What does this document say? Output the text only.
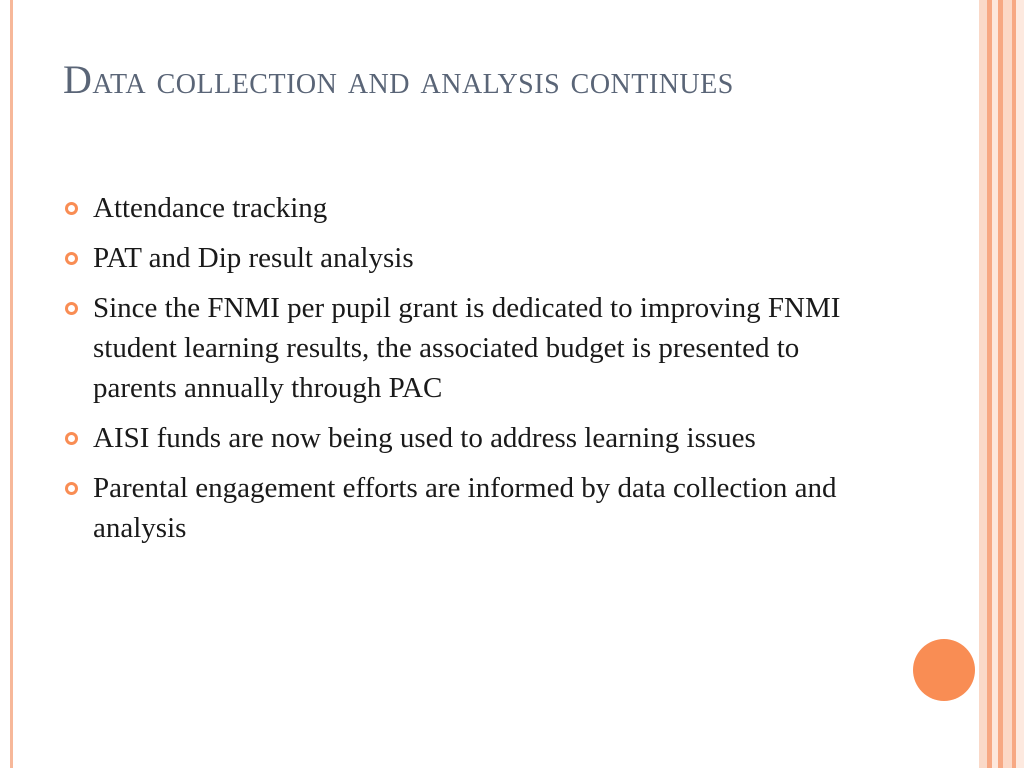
Data collection and analysis continues
Attendance tracking
PAT and Dip result analysis
Since the FNMI per pupil grant is dedicated to improving FNMI student learning results, the associated budget is presented to parents annually through PAC
AISI funds are now being used to address learning issues
Parental engagement efforts are informed by data collection and analysis
